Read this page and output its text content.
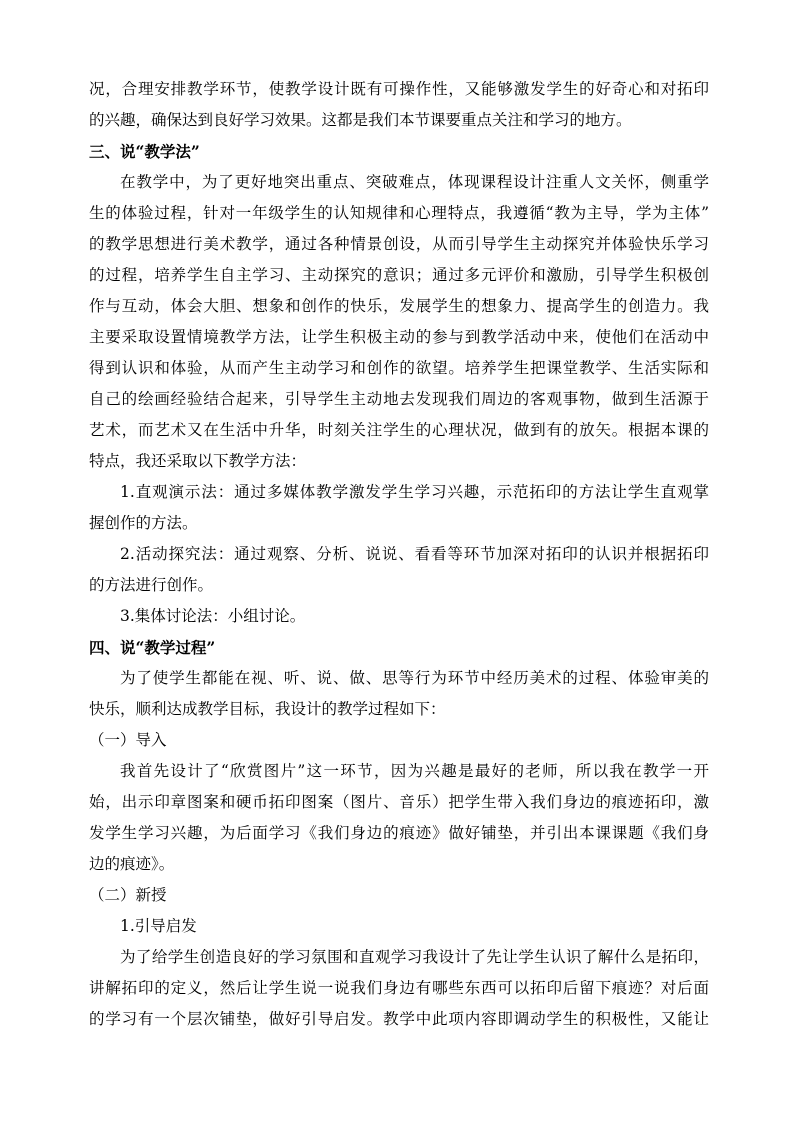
况，合理安排教学环节，使教学设计既有可操作性，又能够激发学生的好奇心和对拓印
的兴趣，确保达到良好学习效果。这都是我们本节课要重点关注和学习的地方。
三、说“教学法”
在教学中，为了更好地突出重点、突破难点，体现课程设计注重人文关怀，侧重学
生的体验过程，针对一年级学生的认知规律和心理特点，我遵循“教为主导，学为主体”
的教学思想进行美术教学，通过各种情景创设，从而引导学生主动探究并体验快乐学习
的过程，培养学生自主学习、主动探究的意识；通过多元评价和激励，引导学生积极创
作与互动，体会大胆、想象和创作的快乐，发展学生的想象力、提高学生的创造力。我
主要采取设置情境教学方法，让学生积极主动的参与到教学活动中来，使他们在活动中
得到认识和体验，从而产生主动学习和创作的欲望。培养学生把课堂教学、生活实际和
自己的绘画经验结合起来，引导学生主动地去发现我们周边的客观事物，做到生活源于
艺术，而艺术又在生活中升华，时刻关注学生的心理状况，做到有的放矢。根据本课的
特点，我还采取以下教学方法：
1.直观演示法：通过多媒体教学激发学生学习兴趣，示范拓印的方法让学生直观掌
握创作的方法。
2.活动探究法：通过观察、分析、说说、看看等环节加深对拓印的认识并根据拓印
的方法进行创作。
3.集体讨论法：小组讨论。
四、说“教学过程”
为了使学生都能在视、听、说、做、思等行为环节中经历美术的过程、体验审美的
快乐，顺利达成教学目标，我设计的教学过程如下：
（一）导入
我首先设计了“欣赏图片”这一环节，因为兴趣是最好的老师，所以我在教学一开
始，出示印章图案和硬币拓印图案（图片、音乐）把学生带入我们身边的痕迹拓印，激
发学生学习兴趣，为后面学习《我们身边的痕迹》做好铺垫，并引出本课课题《我们身
边的痕迹》。
（二）新授
1.引导启发
为了给学生创造良好的学习氛围和直观学习我设计了先让学生认识了解什么是拓印，
讲解拓印的定义，然后让学生说一说我们身边有哪些东西可以拓印后留下痕迹？对后面
的学习有一个层次铺垫，做好引导启发。教学中此项内容即调动学生的积极性，又能让
